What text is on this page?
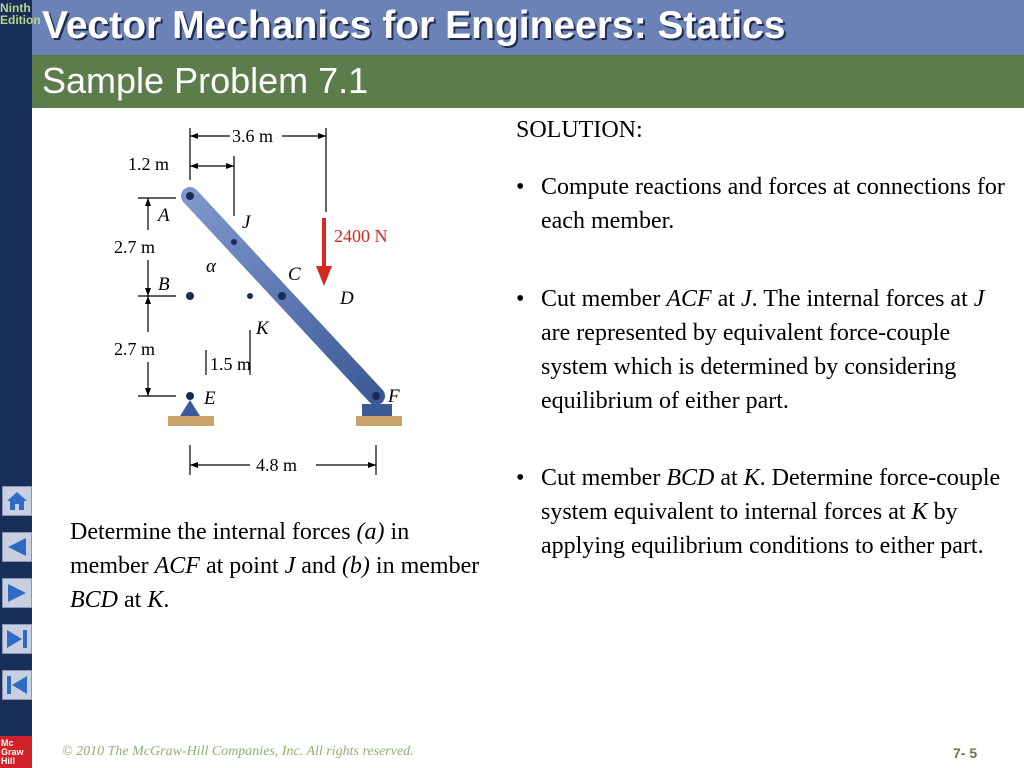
Ninth
Edition Vector Mechanics for Engineers: Statics
Sample Problem 7.1
Mc
Graw
Hill
3.6 m
1.2 m
2.7 m
2.7 m
1.5 m
4.8 m
2400 N
A
B	C
D
E	F
J
K
α
Determine the internal forces (a) in member ACF at point J and (b) in member BCD at K.
SOLUTION:
• Compute reactions and forces at connections for each member.
• Cut member ACF at J. The internal forces at J are represented by equivalent force-couple system which is determined by considering equilibrium of either part.
• Cut member BCD at K. Determine force-couple system equivalent to internal forces at K by applying equilibrium conditions to either part.
© 2010 The McGraw-Hill Companies, Inc. All rights reserved.	7- 5
